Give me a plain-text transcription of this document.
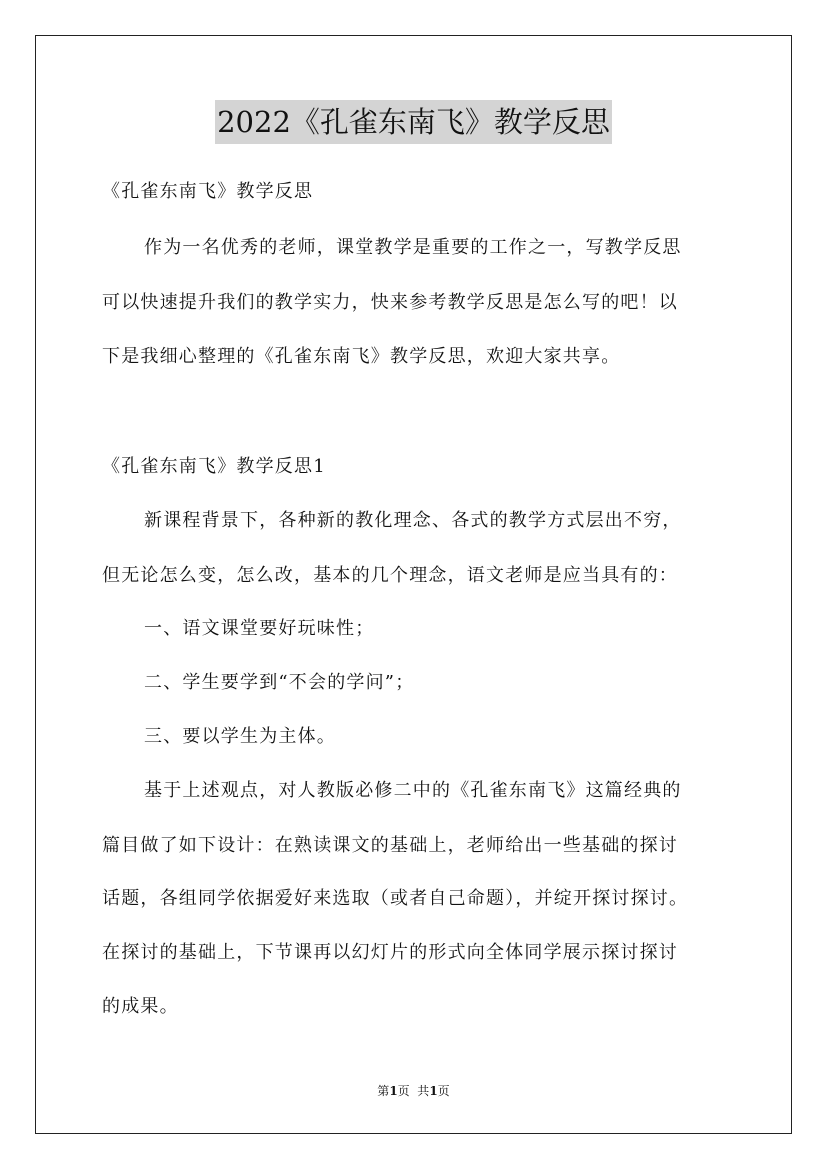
2022《孔雀东南飞》教学反思

《孔雀东南飞》教学反思

作为一名优秀的老师，课堂教学是重要的工作之一，写教学反思

可以快速提升我们的教学实力，快来参考教学反思是怎么写的吧！以

下是我细心整理的《孔雀东南飞》教学反思，欢迎大家共享。

《孔雀东南飞》教学反思1

新课程背景下，各种新的教化理念、各式的教学方式层出不穷，

但无论怎么变，怎么改，基本的几个理念，语文老师是应当具有的：

一、语文课堂要好玩味性；

二、学生要学到“不会的学问”；

三、要以学生为主体。

基于上述观点，对人教版必修二中的《孔雀东南飞》这篇经典的

篇目做了如下设计：在熟读课文的基础上，老师给出一些基础的探讨

话题，各组同学依据爱好来选取（或者自己命题），并绽开探讨探讨。

在探讨的基础上，下节课再以幻灯片的形式向全体同学展示探讨探讨

的成果。

第1页  共1页
